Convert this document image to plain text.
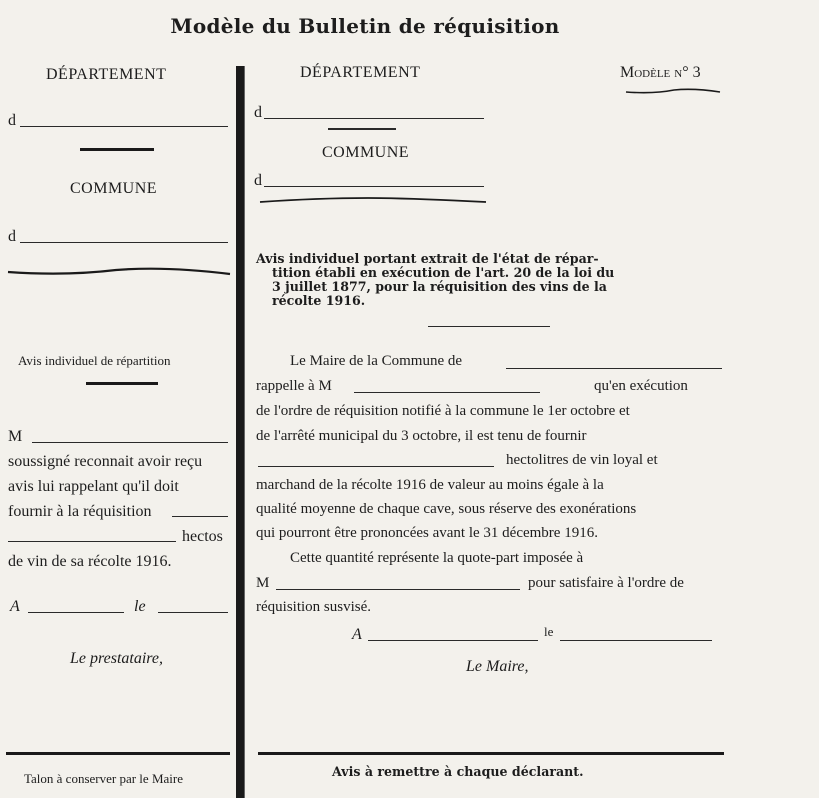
Modèle du Bulletin de réquisition
DÉPARTEMENT
d
COMMUNE
d
Avis individuel de répartition
M
soussigné reconnait avoir reçu
avis lui rappelant qu'il doit
fournir à la réquisition
hectos
de vin de sa récolte 1916.
A	le
Le prestataire,
Talon à conserver par le Maire
DÉPARTEMENT	Modèle n° 3
d
COMMUNE
d
Avis individuel portant extrait de l'état de répar-
tition établi en exécution de l'art. 20 de la loi du
3 juillet 1877, pour la réquisition des vins de la
récolte 1916.
Le Maire de la Commune de
rappelle à M	qu'en exécution
de l'ordre de réquisition notifié à la commune le 1er octobre et
de l'arrêté municipal du 3 octobre, il est tenu de fournir
hectolitres de vin loyal et
marchand de la récolte 1916 de valeur au moins égale à la
qualité moyenne de chaque cave, sous réserve des exonérations
qui pourront être prononcées avant le 31 décembre 1916.
Cette quantité représente la quote-part imposée à
M	pour satisfaire à l'ordre de
réquisition susvisé.
A	le
Le Maire,
Avis à remettre à chaque déclarant.
